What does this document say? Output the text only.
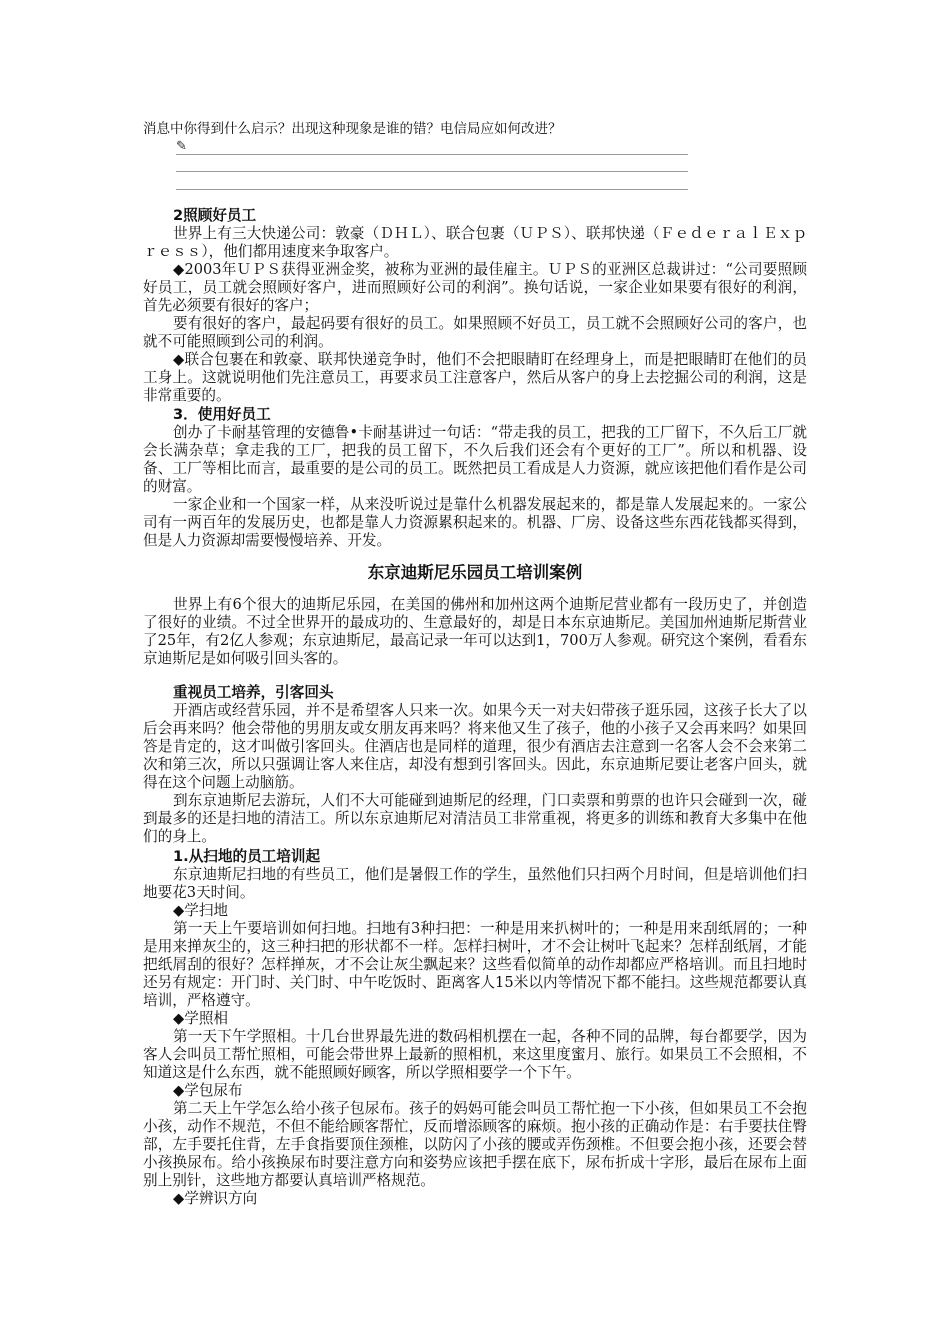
消息中你得到什么启示？出现这种现象是谁的错？电信局应如何改进？
✎
2照顾好员工

世界上有三大快递公司：敦豪（ＤＨＬ）、联合包裹（ＵＰＳ）、联邦快递（ＦｅｄｅｒａｌＥｘｐｒｅｓｓ），他们都用速度来争取客户。

◆2003年ＵＰＳ获得亚洲金奖，被称为亚洲的最佳雇主。ＵＰＳ的亚洲区总裁讲过：“公司要照顾好员工，员工就会照顾好客户，进而照顾好公司的利润”。换句话说，一家企业如果要有很好的利润，首先必须要有很好的客户；

要有很好的客户，最起码要有很好的员工。如果照顾不好员工，员工就不会照顾好公司的客户，也就不可能照顾到公司的利润。

◆联合包裹在和敦豪、联邦快递竞争时，他们不会把眼睛盯在经理身上，而是把眼睛盯在他们的员工身上。这就说明他们先注意员工，再要求员工注意客户，然后从客户的身上去挖掘公司的利润，这是非常重要的。

3．使用好员工

创办了卡耐基管理的安德鲁•卡耐基讲过一句话：“带走我的员工，把我的工厂留下，不久后工厂就会长满杂草；拿走我的工厂，把我的员工留下，不久后我们还会有个更好的工厂”。所以和机器、设备、工厂等相比而言，最重要的是公司的员工。既然把员工看成是人力资源，就应该把他们看作是公司的财富。

一家企业和一个国家一样，从来没听说过是靠什么机器发展起来的，都是靠人发展起来的。一家公司有一两百年的发展历史，也都是靠人力资源累积起来的。机器、厂房、设备这些东西花钱都买得到，但是人力资源却需要慢慢培养、开发。

东京迪斯尼乐园员工培训案例

世界上有6个很大的迪斯尼乐园，在美国的佛州和加州这两个迪斯尼营业都有一段历史了，并创造了很好的业绩。不过全世界开的最成功的、生意最好的，却是日本东京迪斯尼。美国加州迪斯尼斯营业了25年，有2亿人参观；东京迪斯尼，最高记录一年可以达到1，700万人参观。研究这个案例，看看东京迪斯尼是如何吸引回头客的。

重视员工培养，引客回头

开酒店或经营乐园，并不是希望客人只来一次。如果今天一对夫妇带孩子逛乐园，这孩子长大了以后会再来吗？他会带他的男朋友或女朋友再来吗？将来他又生了孩子，他的小孩子又会再来吗？如果回答是肯定的，这才叫做引客回头。住酒店也是同样的道理，很少有酒店去注意到一名客人会不会来第二次和第三次，所以只强调让客人来住店，却没有想到引客回头。因此，东京迪斯尼要让老客户回头，就得在这个问题上动脑筋。

到东京迪斯尼去游玩，人们不大可能碰到迪斯尼的经理，门口卖票和剪票的也许只会碰到一次，碰到最多的还是扫地的清洁工。所以东京迪斯尼对清洁员工非常重视，将更多的训练和教育大多集中在他们的身上。

1.从扫地的员工培训起

东京迪斯尼扫地的有些员工，他们是暑假工作的学生，虽然他们只扫两个月时间，但是培训他们扫地要花3天时间。

◆学扫地

第一天上午要培训如何扫地。扫地有3种扫把：一种是用来扒树叶的；一种是用来刮纸屑的；一种是用来掸灰尘的，这三种扫把的形状都不一样。怎样扫树叶，才不会让树叶飞起来？怎样刮纸屑，才能把纸屑刮的很好？怎样掸灰，才不会让灰尘飘起来？这些看似简单的动作却都应严格培训。而且扫地时还另有规定：开门时、关门时、中午吃饭时、距离客人15米以内等情况下都不能扫。这些规范都要认真培训，严格遵守。

◆学照相

第一天下午学照相。十几台世界最先进的数码相机摆在一起，各种不同的品牌，每台都要学，因为客人会叫员工帮忙照相，可能会带世界上最新的照相机，来这里度蜜月、旅行。如果员工不会照相，不知道这是什么东西，就不能照顾好顾客，所以学照相要学一个下午。

◆学包尿布

第二天上午学怎么给小孩子包尿布。孩子的妈妈可能会叫员工帮忙抱一下小孩，但如果员工不会抱小孩，动作不规范，不但不能给顾客帮忙，反而增添顾客的麻烦。抱小孩的正确动作是：右手要扶住臀部，左手要托住背，左手食指要顶住颈椎，以防闪了小孩的腰或弄伤颈椎。不但要会抱小孩，还要会替小孩换尿布。给小孩换尿布时要注意方向和姿势应该把手摆在底下，尿布折成十字形，最后在尿布上面别上别针，这些地方都要认真培训严格规范。

◆学辨识方向
